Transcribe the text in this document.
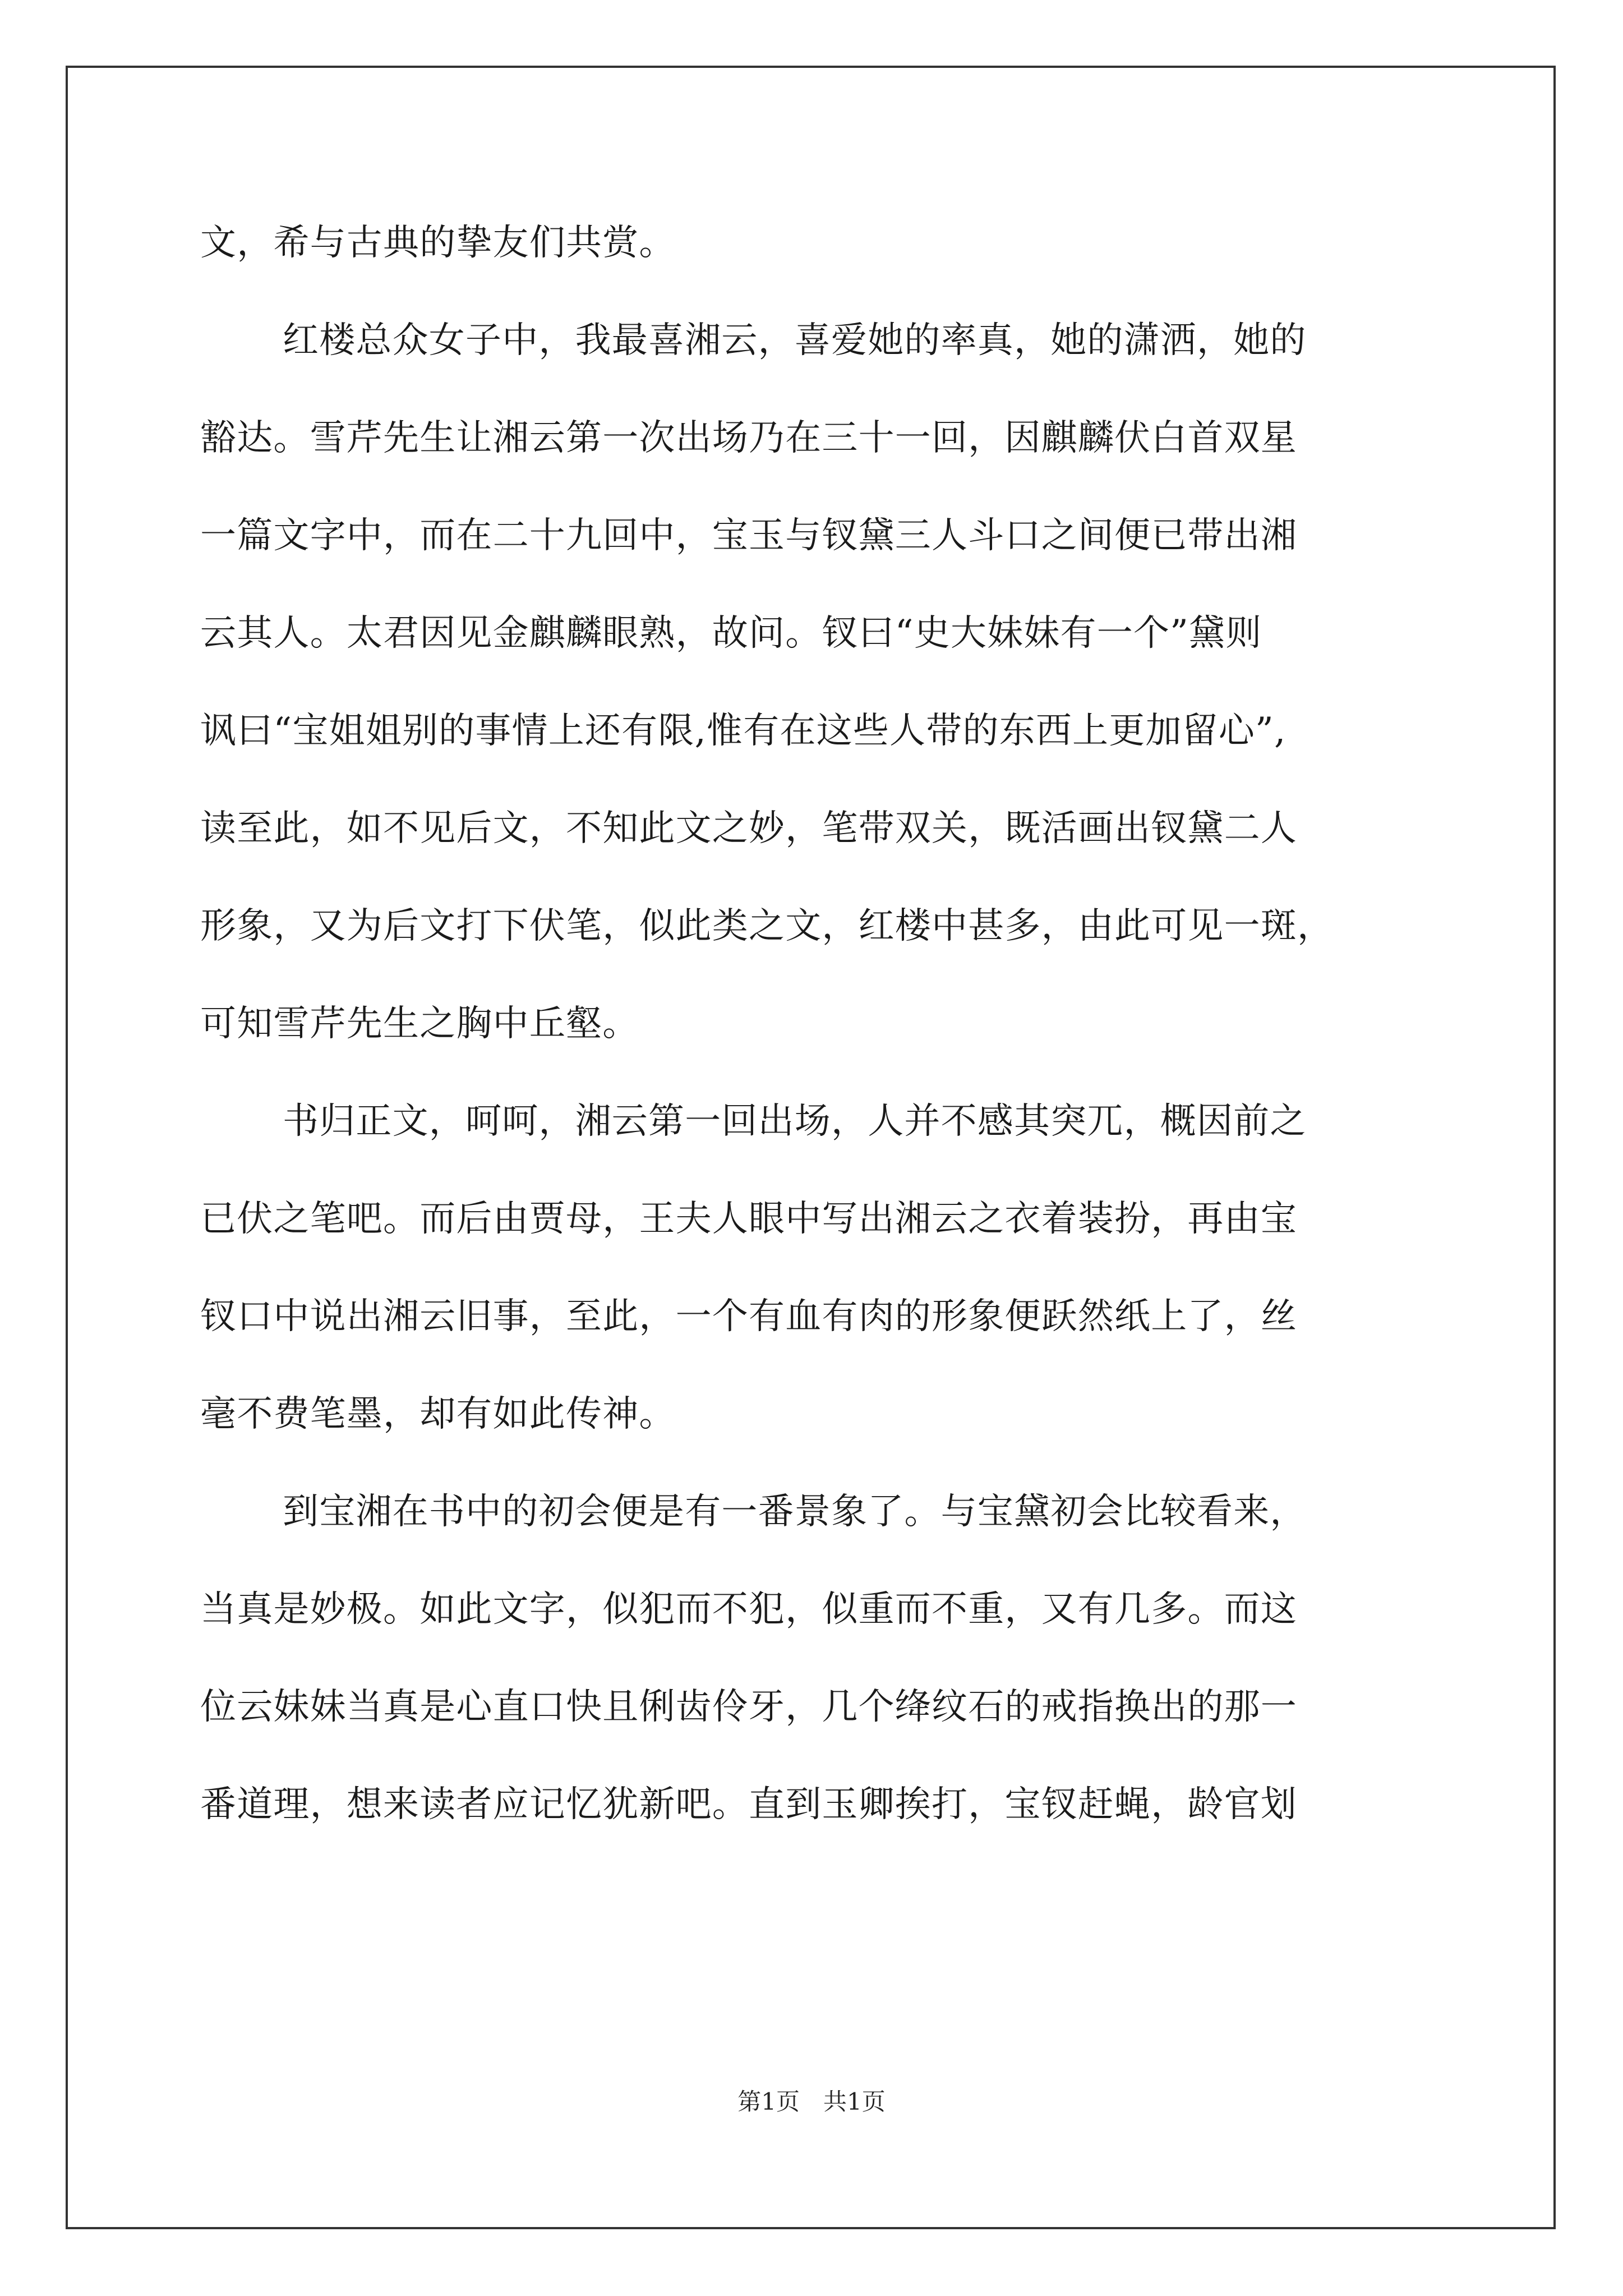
文，希与古典的挚友们共赏。
红楼总众女子中，我最喜湘云，喜爱她的率真，她的潇洒，她的
豁达。雪芹先生让湘云第一次出场乃在三十一回，因麒麟伏白首双星
一篇文字中，而在二十九回中，宝玉与钗黛三人斗口之间便已带出湘
云其人。太君因见金麒麟眼熟，故问。钗曰“史大妹妹有一个”黛则
讽曰“宝姐姐别的事情上还有限,惟有在这些人带的东西上更加留心”,
读至此，如不见后文，不知此文之妙，笔带双关，既活画出钗黛二人
形象，又为后文打下伏笔，似此类之文，红楼中甚多，由此可见一斑，
可知雪芹先生之胸中丘壑。
书归正文，呵呵，湘云第一回出场，人并不感其突兀，概因前之
已伏之笔吧。而后由贾母，王夫人眼中写出湘云之衣着装扮，再由宝
钗口中说出湘云旧事，至此，一个有血有肉的形象便跃然纸上了，丝
毫不费笔墨，却有如此传神。
到宝湘在书中的初会便是有一番景象了。与宝黛初会比较看来，
当真是妙极。如此文字，似犯而不犯，似重而不重，又有几多。而这
位云妹妹当真是心直口快且俐齿伶牙，几个绛纹石的戒指换出的那一
番道理，想来读者应记忆犹新吧。直到玉卿挨打，宝钗赶蝇，龄官划
第1页　共1页
